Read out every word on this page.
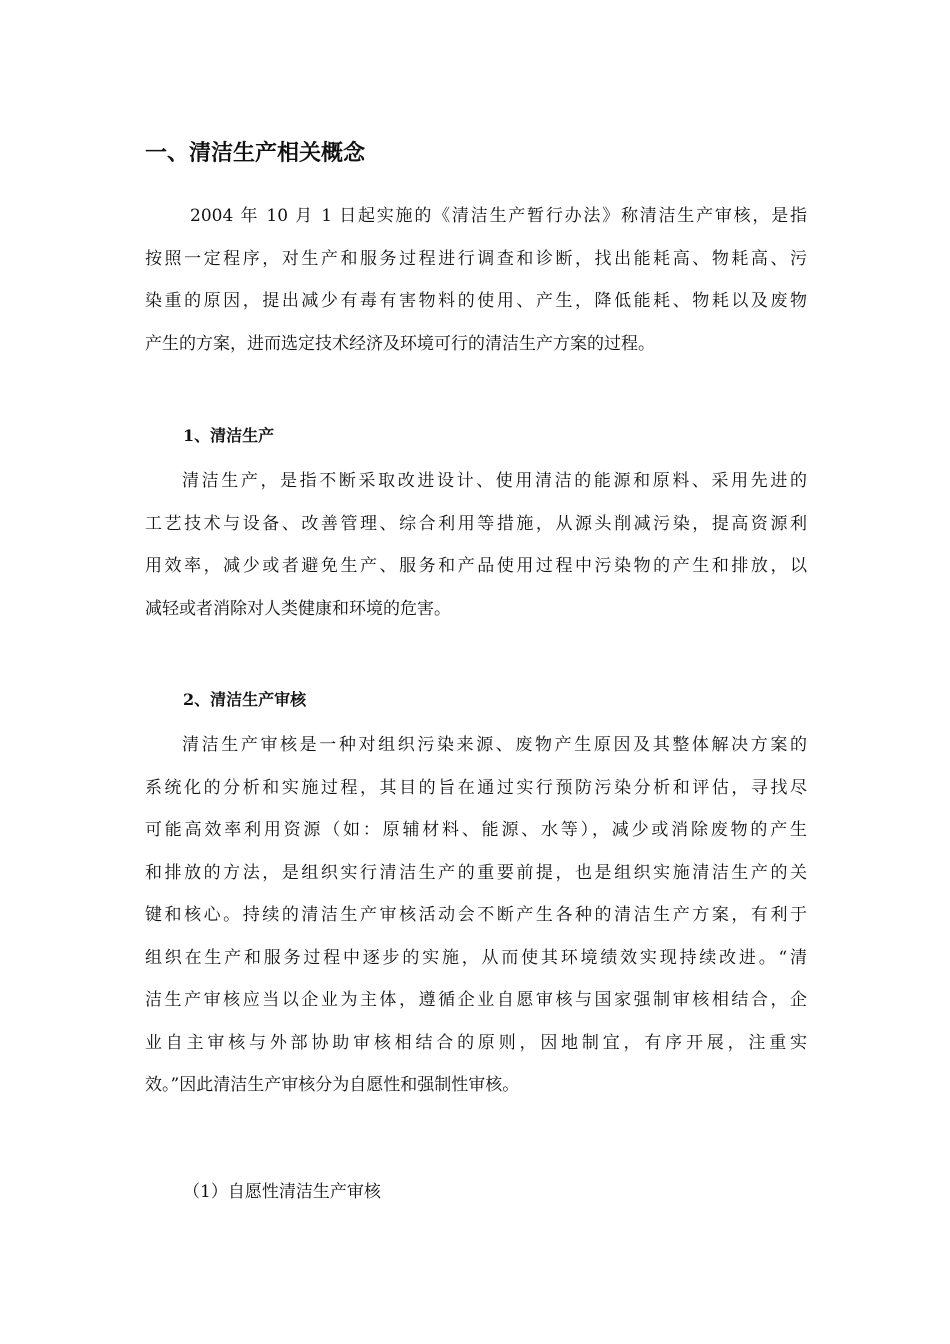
一、清洁生产相关概念
2004 年 10 月 1 日起实施的《清洁生产暂行办法》称清洁生产审核，是指
按照一定程序，对生产和服务过程进行调查和诊断，找出能耗高、物耗高、污
染重的原因，提出减少有毒有害物料的使用、产生，降低能耗、物耗以及废物
产生的方案，进而选定技术经济及环境可行的清洁生产方案的过程。
1、清洁生产
清洁生产，是指不断采取改进设计、使用清洁的能源和原料、采用先进的
工艺技术与设备、改善管理、综合利用等措施，从源头削减污染，提高资源利
用效率，减少或者避免生产、服务和产品使用过程中污染物的产生和排放，以
减轻或者消除对人类健康和环境的危害。
2、清洁生产审核
清洁生产审核是一种对组织污染来源、废物产生原因及其整体解决方案的
系统化的分析和实施过程，其目的旨在通过实行预防污染分析和评估，寻找尽
可能高效率利用资源（如：原辅材料、能源、水等），减少或消除废物的产生
和排放的方法，是组织实行清洁生产的重要前提，也是组织实施清洁生产的关
键和核心。持续的清洁生产审核活动会不断产生各种的清洁生产方案，有利于
组织在生产和服务过程中逐步的实施，从而使其环境绩效实现持续改进。“清
洁生产审核应当以企业为主体，遵循企业自愿审核与国家强制审核相结合，企
业自主审核与外部协助审核相结合的原则，因地制宜，有序开展，注重实
效。”因此清洁生产审核分为自愿性和强制性审核。
（1）自愿性清洁生产审核
